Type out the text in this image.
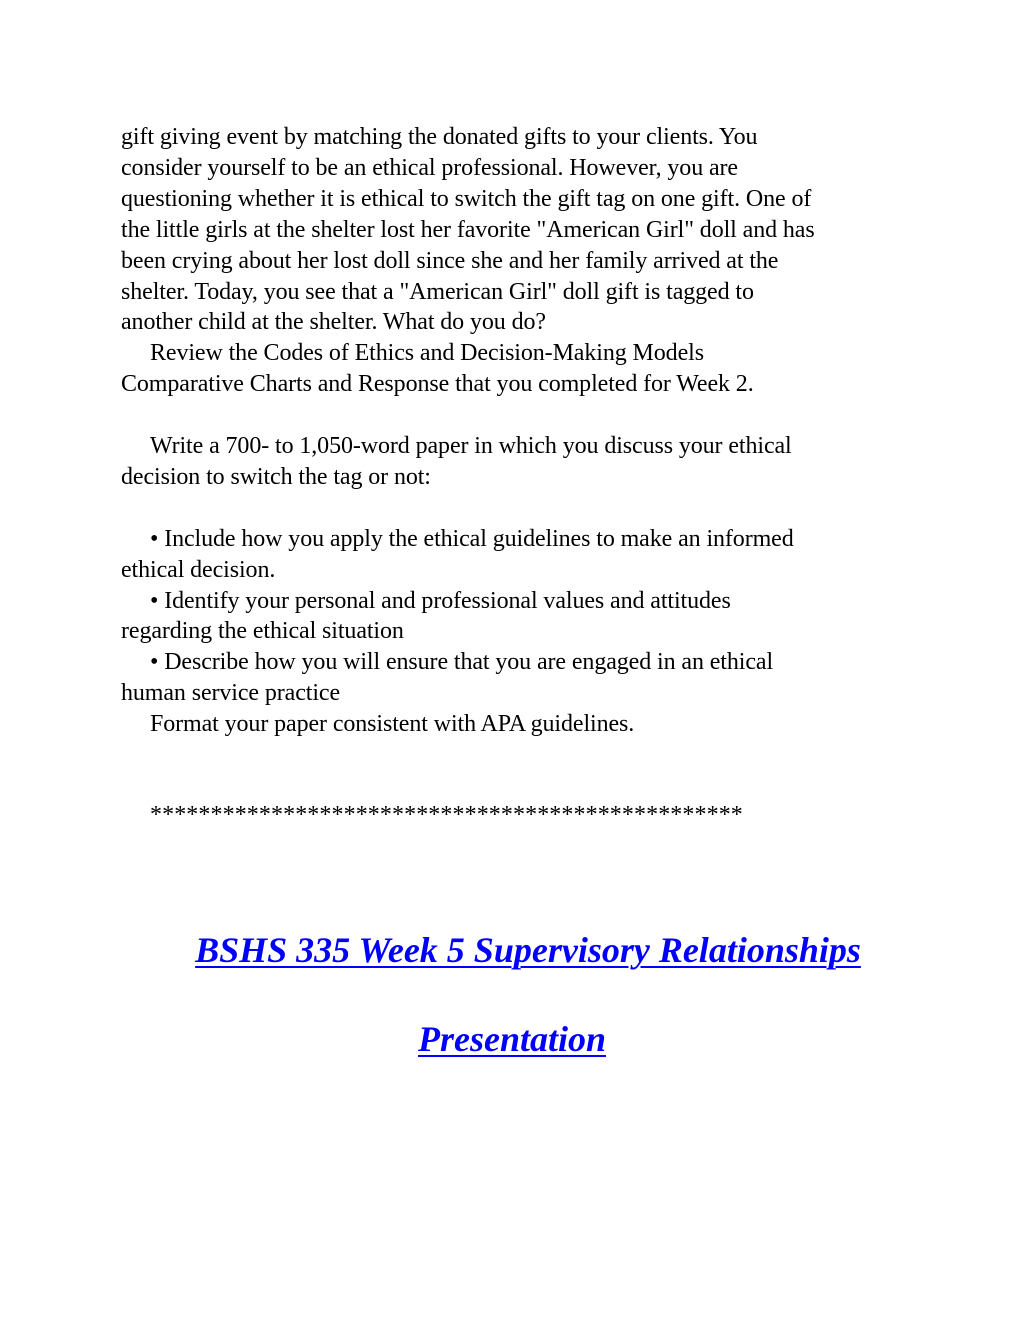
gift giving event by matching the donated gifts to your clients. You

consider yourself to be an ethical professional. However, you are

questioning whether it is ethical to switch the gift tag on one gift. One of

the little girls at the shelter lost her favorite "American Girl" doll and has

been crying about her lost doll since she and her family arrived at the

shelter. Today, you see that a "American Girl" doll gift is tagged to

another child at the shelter. What do you do?

Review the Codes of Ethics and Decision-Making Models

Comparative Charts and Response that you completed for Week 2.

Write a 700- to 1,050-word paper in which you discuss your ethical

decision to switch the tag or not:

• Include how you apply the ethical guidelines to make an informed

ethical decision.

• Identify your personal and professional values and attitudes

regarding the ethical situation

• Describe how you will ensure that you are engaged in an ethical

human service practice

Format your paper consistent with APA guidelines.

*************************************************
BSHS 335 Week 5 Supervisory Relationships
Presentation
